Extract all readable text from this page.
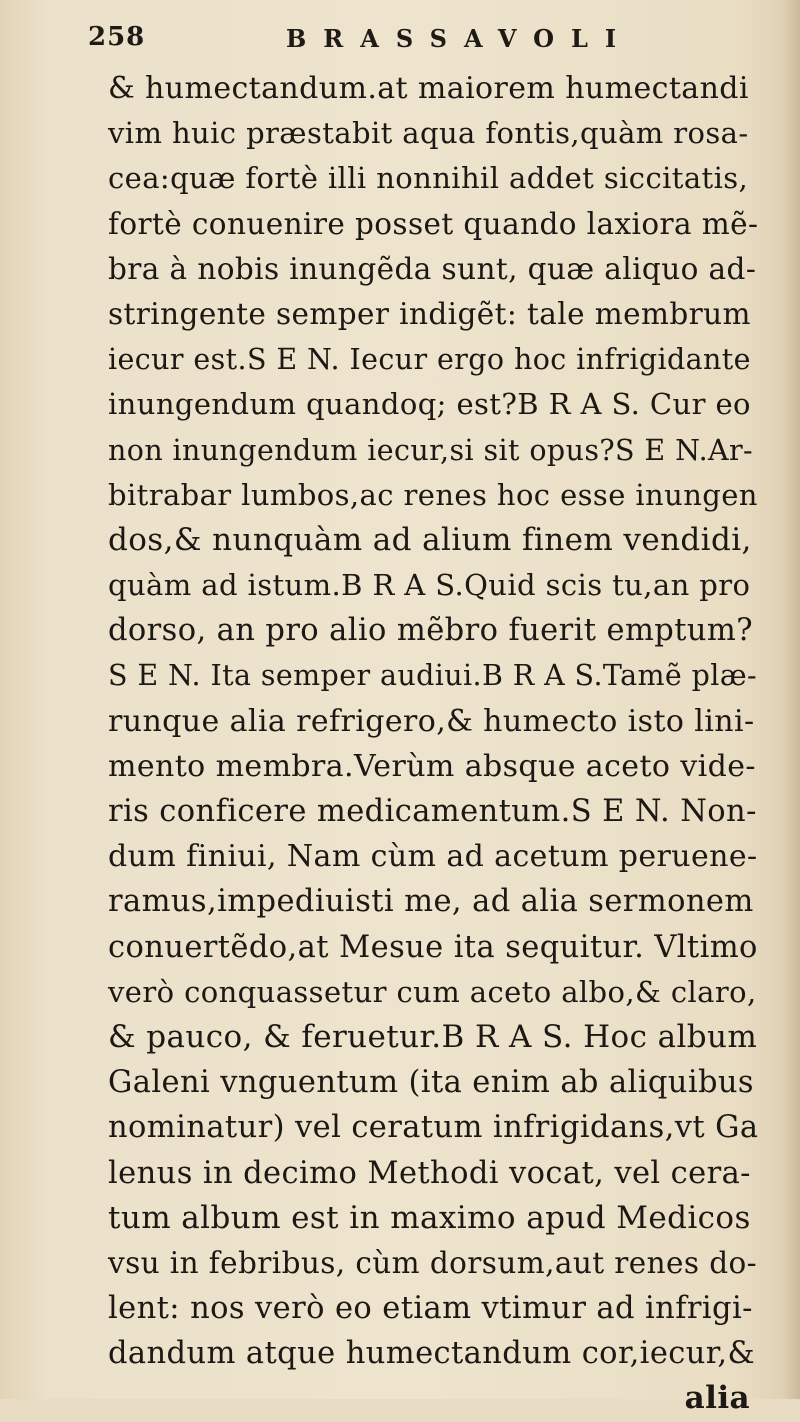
258	BRASSAVOLI
& humectandum.at maiorem humectandi
vim huic præstabit aqua fontis,quàm rosa-
cea:quæ fortè illi nonnihil addet siccitatis,
fortè conuenire posset quando laxiora mẽ-
bra à nobis inungẽda sunt, quæ aliquo ad-
stringente semper indigẽt: tale membrum
iecur est.S E N. Iecur ergo hoc infrigidante
inungendum quandoq; est?B R A S. Cur eo
non inungendum iecur,si sit opus?S E N.Ar-
bitrabar lumbos,ac renes hoc esse inungen
dos,& nunquàm ad alium finem vendidi,
quàm ad istum.B R A S.Quid scis tu,an pro
dorso, an pro alio mẽbro fuerit emptum?
S E N. Ita semper audiui.B R A S.Tamẽ plæ-
runque alia refrigero,& humecto isto lini-
mento membra.Verùm absque aceto vide-
ris conficere medicamentum.S E N. Non-
dum finiui, Nam cùm ad acetum peruene-
ramus,impediuisti me, ad alia sermonem
conuertẽdo,at Mesue ita sequitur. Vltimo
verò conquassetur cum aceto albo,& claro,
& pauco, & feruetur.B R A S. Hoc album
Galeni vnguentum (ita enim ab aliquibus
nominatur) vel ceratum infrigidans,vt Ga
lenus in decimo Methodi vocat, vel cera-
tum album est in maximo apud Medicos
vsu in febribus, cùm dorsum,aut renes do-
lent: nos verò eo etiam vtimur ad infrigi-
dandum atque humectandum cor,iecur,&
alia
